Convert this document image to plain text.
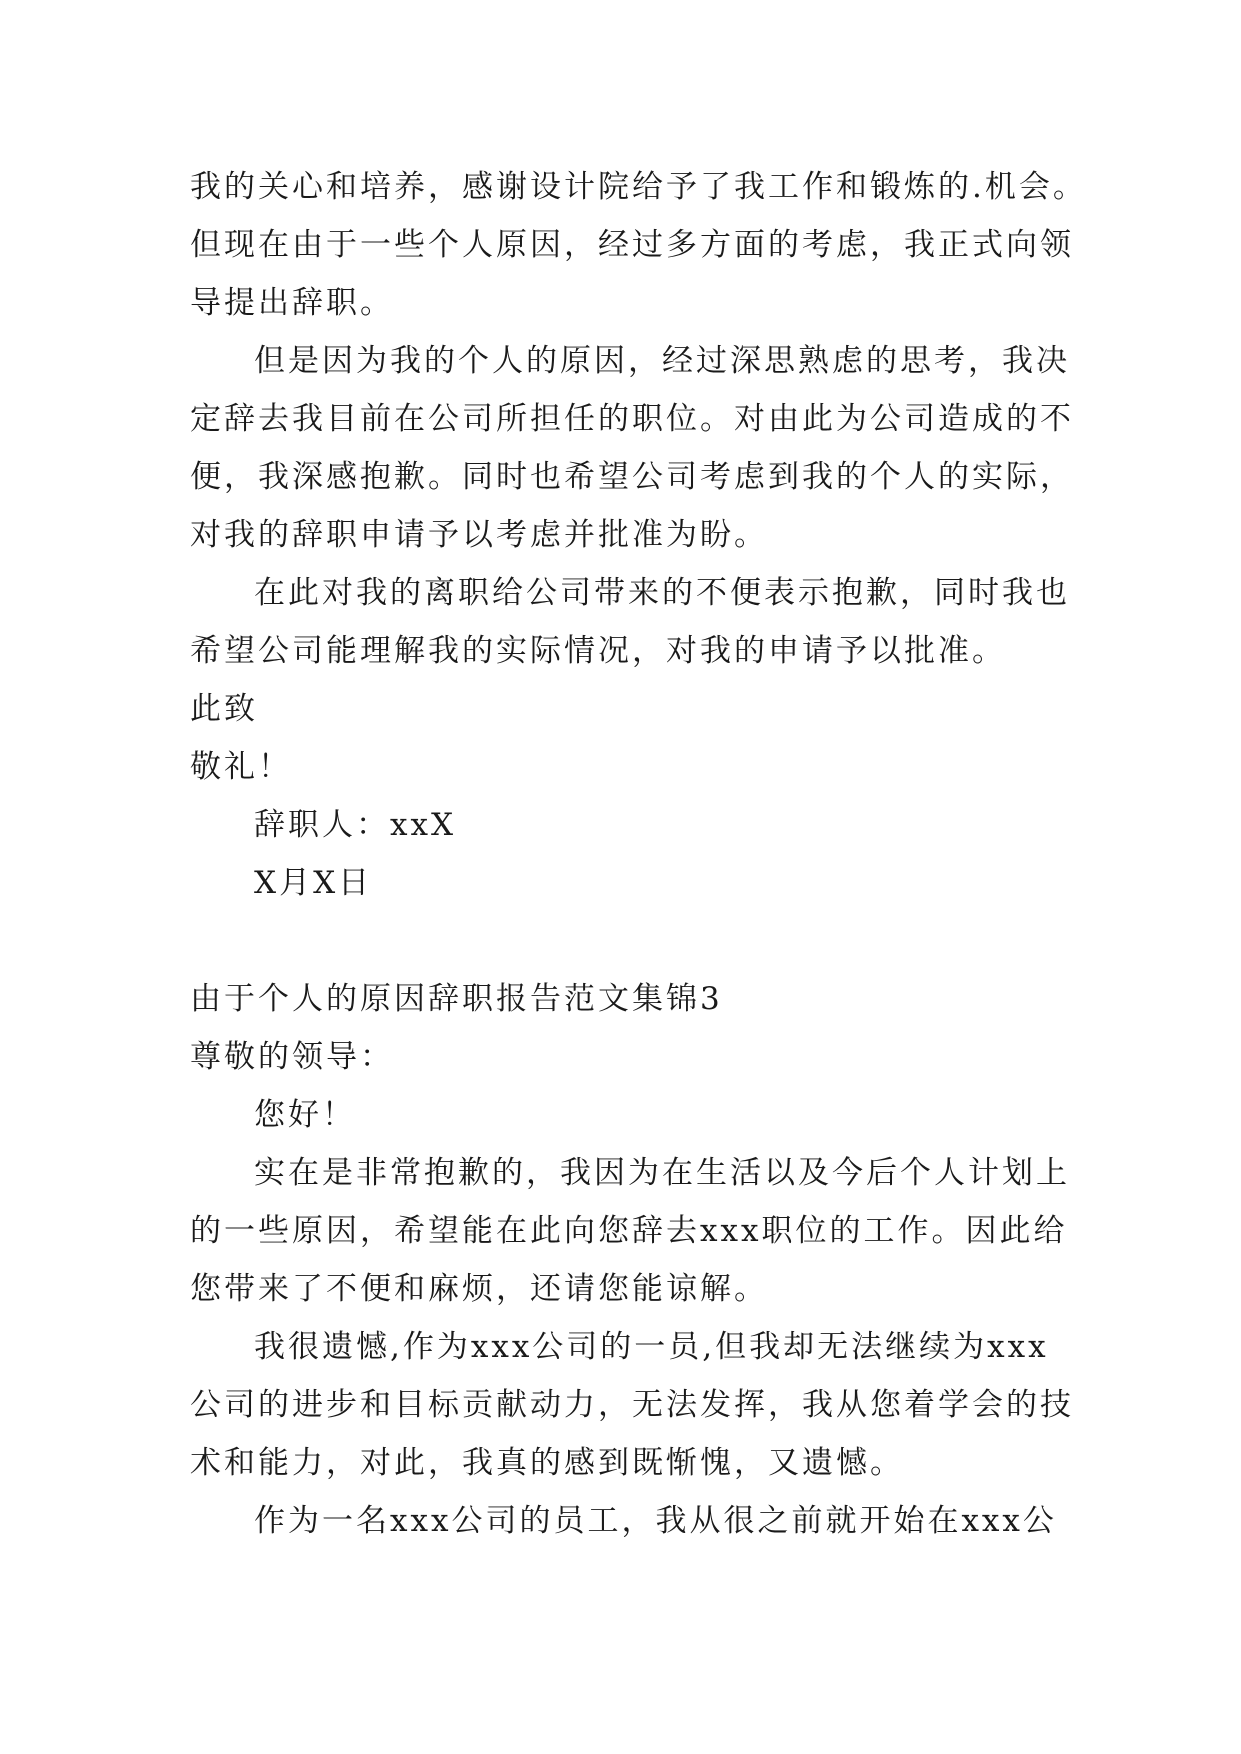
我的关心和培养，感谢设计院给予了我工作和锻炼的.机会。
但现在由于一些个人原因，经过多方面的考虑，我正式向领
导提出辞职。
但是因为我的个人的原因，经过深思熟虑的思考，我决
定辞去我目前在公司所担任的职位。对由此为公司造成的不
便，我深感抱歉。同时也希望公司考虑到我的个人的实际，
对我的辞职申请予以考虑并批准为盼。
在此对我的离职给公司带来的不便表示抱歉，同时我也
希望公司能理解我的实际情况，对我的申请予以批准。
此致
敬礼！
辞职人：xxX
X月X日
由于个人的原因辞职报告范文集锦3
尊敬的领导：
您好！
实在是非常抱歉的，我因为在生活以及今后个人计划上
的一些原因，希望能在此向您辞去xxx职位的工作。因此给
您带来了不便和麻烦，还请您能谅解。
我很遗憾,作为xxx公司的一员,但我却无法继续为xxx
公司的进步和目标贡献动力，无法发挥，我从您着学会的技
术和能力，对此，我真的感到既惭愧，又遗憾。
作为一名xxx公司的员工，我从很之前就开始在xxx公
